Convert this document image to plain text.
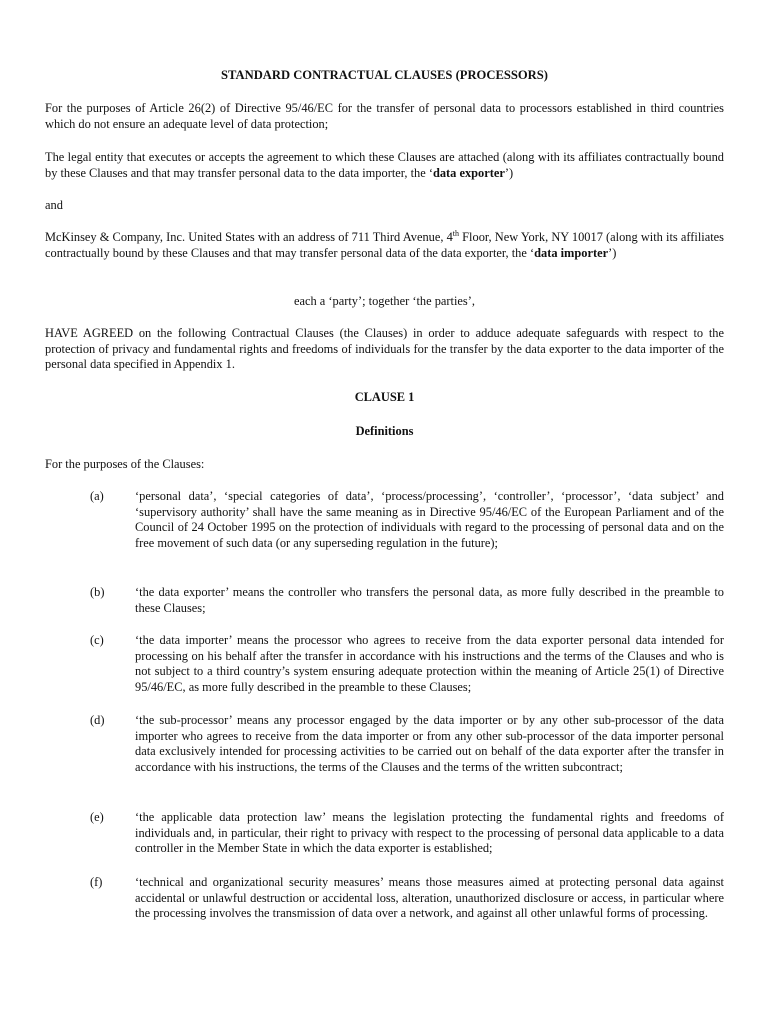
STANDARD CONTRACTUAL CLAUSES (PROCESSORS)
For the purposes of Article 26(2) of Directive 95/46/EC for the transfer of personal data to processors established in third countries which do not ensure an adequate level of data protection;
The legal entity that executes or accepts the agreement to which these Clauses are attached (along with its affiliates contractually bound by these Clauses and that may transfer personal data to the data importer, the ‘data exporter’)
and
McKinsey & Company, Inc. United States with an address of 711 Third Avenue, 4th Floor, New York, NY 10017 (along with its affiliates contractually bound by these Clauses and that may transfer personal data of the data exporter, the ‘data importer’)
each a ‘party’; together ‘the parties’,
HAVE AGREED on the following Contractual Clauses (the Clauses) in order to adduce adequate safeguards with respect to the protection of privacy and fundamental rights and freedoms of individuals for the transfer by the data exporter to the data importer of the personal data specified in Appendix 1.
CLAUSE 1
Definitions
For the purposes of the Clauses:
(a)	‘personal data’, ‘special categories of data’, ‘process/processing’, ‘controller’, ‘processor’, ‘data subject’ and ‘supervisory authority’ shall have the same meaning as in Directive 95/46/EC of the European Parliament and of the Council of 24 October 1995 on the protection of individuals with regard to the processing of personal data and on the free movement of such data (or any superseding regulation in the future);
(b)	‘the data exporter’ means the controller who transfers the personal data, as more fully described in the preamble to these Clauses;
(c)	‘the data importer’ means the processor who agrees to receive from the data exporter personal data intended for processing on his behalf after the transfer in accordance with his instructions and the terms of the Clauses and who is not subject to a third country’s system ensuring adequate protection within the meaning of Article 25(1) of Directive 95/46/EC, as more fully described in the preamble to these Clauses;
(d)	‘the sub-processor’ means any processor engaged by the data importer or by any other sub-processor of the data importer who agrees to receive from the data importer or from any other sub-processor of the data importer personal data exclusively intended for processing activities to be carried out on behalf of the data exporter after the transfer in accordance with his instructions, the terms of the Clauses and the terms of the written subcontract;
(e)	‘the applicable data protection law’ means the legislation protecting the fundamental rights and freedoms of individuals and, in particular, their right to privacy with respect to the processing of personal data applicable to a data controller in the Member State in which the data exporter is established;
(f)	‘technical and organizational security measures’ means those measures aimed at protecting personal data against accidental or unlawful destruction or accidental loss, alteration, unauthorized disclosure or access, in particular where the processing involves the transmission of data over a network, and against all other unlawful forms of processing.
